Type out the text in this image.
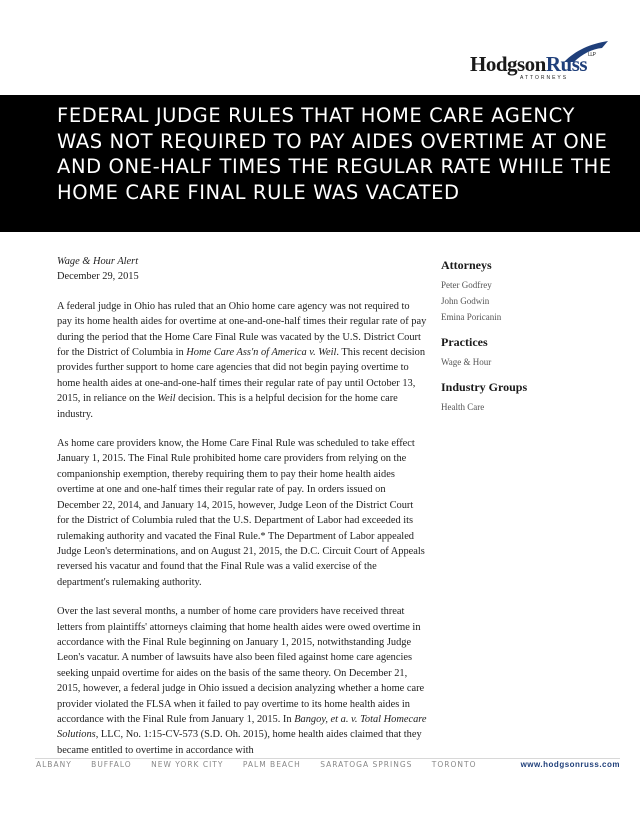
HodgsonRuss$^{LLP}$
ATTORNEYS
FEDERAL JUDGE RULES THAT HOME CARE AGENCY WAS NOT REQUIRED TO PAY AIDES OVERTIME AT ONE AND ONE-HALF TIMES THE REGULAR RATE WHILE THE HOME CARE FINAL RULE WAS VACATED

Wage & Hour Alert

December 29, 2015

A federal judge in Ohio has ruled that an Ohio home care agency was not required to pay its home health aides for overtime at one-and-one-half times their regular rate of pay during the period that the Home Care Final Rule was vacated by the U.S. District Court for the District of Columbia in Home Care Ass'n of America v. Weil. This recent decision provides further support to home care agencies that did not begin paying overtime to home health aides at one-and-one-half times their regular rate of pay until October 13, 2015, in reliance on the Weil decision. This is a helpful decision for the home care industry.

As home care providers know, the Home Care Final Rule was scheduled to take effect January 1, 2015. The Final Rule prohibited home care providers from relying on the companionship exemption, thereby requiring them to pay their home health aides overtime at one and one-half times their regular rate of pay. In orders issued on December 22, 2014, and January 14, 2015, however, Judge Leon of the District Court for the District of Columbia ruled that the U.S. Department of Labor had exceeded its rulemaking authority and vacated the Final Rule.* The Department of Labor appealed Judge Leon's determinations, and on August 21, 2015, the D.C. Circuit Court of Appeals reversed his vacatur and found that the Final Rule was a valid exercise of the department's rulemaking authority.

Over the last several months, a number of home care providers have received threat letters from plaintiffs' attorneys claiming that home health aides were owed overtime in accordance with the Final Rule beginning on January 1, 2015, notwithstanding Judge Leon's vacatur. A number of lawsuits have also been filed against home care agencies seeking unpaid overtime for aides on the basis of the same theory. On December 21, 2015, however, a federal judge in Ohio issued a decision analyzing whether a home care provider violated the FLSA when it failed to pay overtime to its home health aides in accordance with the Final Rule from January 1, 2015. In Bangoy, et a. v. Total Homecare Solutions, LLC, No. 1:15-CV-573 (S.D. Oh. 2015), home health aides claimed that they became entitled to overtime in accordance with

Attorneys

Peter Godfrey

John Godwin

Emina Poricanin

Practices

Wage & Hour

Industry Groups

Health Care

ALBANY	BUFFALO	NEW YORK CITY	PALM BEACH	SARATOGA SPRINGS	TORONTO	www.hodgsonruss.com
